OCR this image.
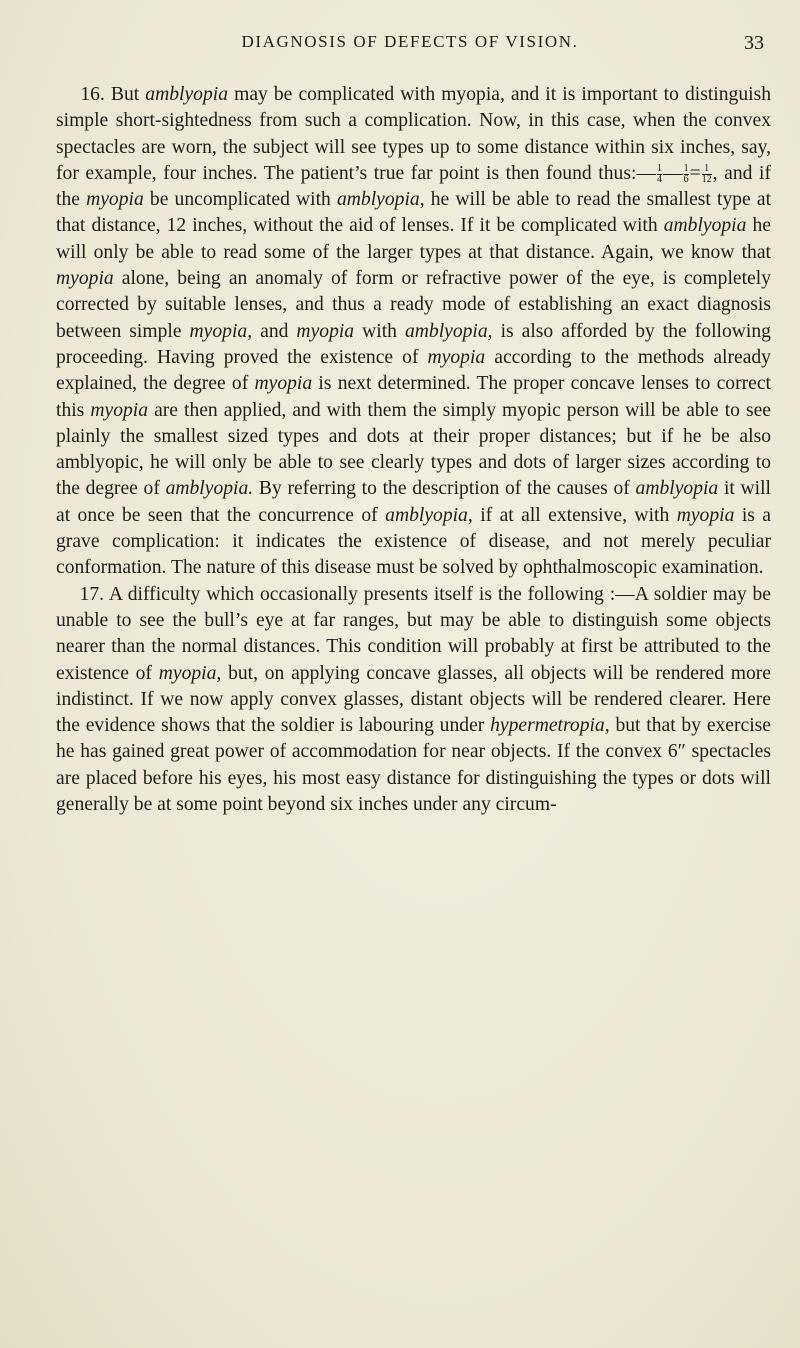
DIAGNOSIS OF DEFECTS OF VISION.	33

16. But amblyopia may be complicated with myopia, and it is important to distinguish simple short-sightedness from such a complication. Now, in this case, when the convex spectacles are worn, the subject will see types up to some distance within six inches, say, for example, four inches. The patient’s true far point is then found thus:— $\frac{1}{4}$ — $\frac{1}{6} = \frac{1}{12}$ , and if the myopia be uncomplicated with amblyopia, he will be able to read the smallest type at that distance, 12 inches, without the aid of lenses. If it be complicated with amblyopia he will only be able to read some of the larger types at that distance. Again, we know that myopia alone, being an anomaly of form or refractive power of the eye, is completely corrected by suitable lenses, and thus a ready mode of establishing an exact diagnosis between simple myopia, and myopia with amblyopia, is also afforded by the following proceeding. Having proved the existence of myopia according to the methods already explained, the degree of myopia is next determined. The proper concave lenses to correct this myopia are then applied, and with them the simply myopic person will be able to see plainly the smallest sized types and dots at their proper distances; but if he be also amblyopic, he will only be able to see clearly types and dots of larger sizes according to the degree of amblyopia. By referring to the description of the causes of amblyopia it will at once be seen that the concurrence of amblyopia, if at all extensive, with myopia is a grave complication: it indicates the existence of disease, and not merely peculiar conformation. The nature of this disease must be solved by ophthalmoscopic examination.

17. A difficulty which occasionally presents itself is the following :—A soldier may be unable to see the bull’s eye at far ranges, but may be able to distinguish some objects nearer than the normal distances. This condition will probably at first be attributed to the existence of myopia, but, on applying concave glasses, all objects will be rendered more indistinct. If we now apply convex glasses, distant objects will be rendered clearer. Here the evidence shows that the soldier is labouring under hypermetropia, but that by exercise he has gained great power of accommodation for near objects. If the convex 6″ spectacles are placed before his eyes, his most easy distance for distinguishing the types or dots will generally be at some point beyond six inches under any circum-
